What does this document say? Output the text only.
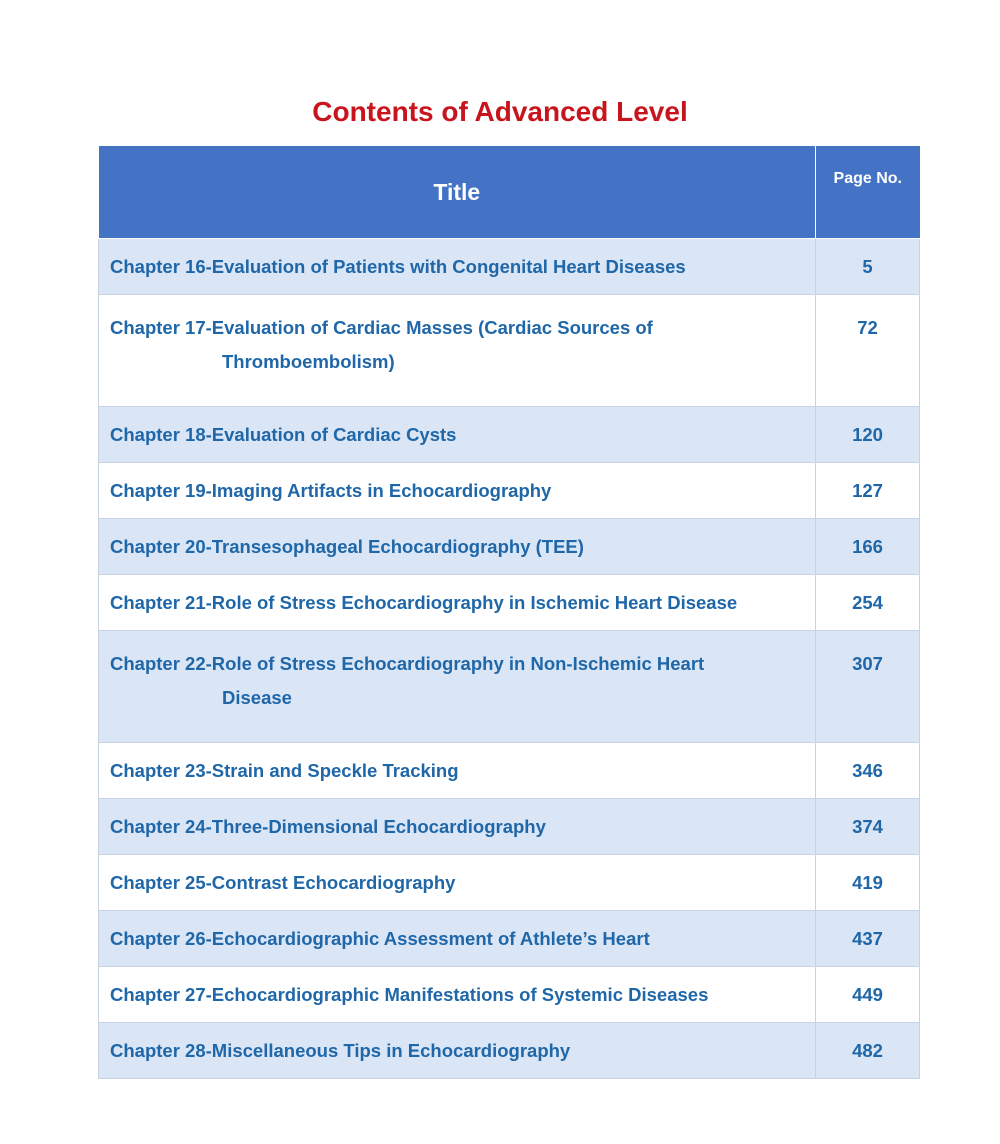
Contents of Advanced Level
Title	Page No.

Chapter 16-Evaluation of Patients with Congenital Heart Diseases	5

Chapter 17-Evaluation of Cardiac Masses (Cardiac Sources of
Thromboembolism)	72

Chapter 18-Evaluation of Cardiac Cysts	120

Chapter 19-Imaging Artifacts in Echocardiography	127

Chapter 20-Transesophageal Echocardiography (TEE)	166

Chapter 21-Role of Stress Echocardiography in Ischemic Heart Disease	254

Chapter 22-Role of Stress Echocardiography in Non-Ischemic Heart
Disease	307

Chapter 23-Strain and Speckle Tracking	346

Chapter 24-Three-Dimensional Echocardiography	374

Chapter 25-Contrast Echocardiography	419

Chapter 26-Echocardiographic Assessment of Athlete’s Heart	437

Chapter 27-Echocardiographic Manifestations of Systemic Diseases	449

Chapter 28-Miscellaneous Tips in Echocardiography	482
